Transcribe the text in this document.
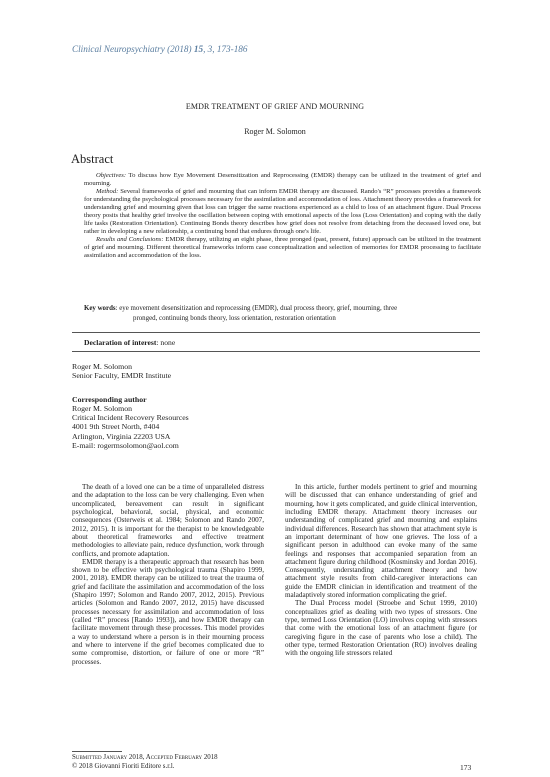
Clinical Neuropsychiatry (2018) 15, 3, 173-186
EMDR TREATMENT OF GRIEF AND MOURNING
Roger M. Solomon
Abstract

Objectives: To discuss how Eye Movement Desensitization and Reprocessing (EMDR) therapy can be utilized in the treatment of grief and mourning.

Method: Several frameworks of grief and mourning that can inform EMDR therapy are discussed. Rando's “R” processes provides a framework for understanding the psychological processes necessary for the assimilation and accommodation of loss. Attachment theory provides a framework for understanding grief and mourning given that loss can trigger the same reactions experienced as a child to loss of an attachment figure. Dual Process theory posits that healthy grief involve the oscillation between coping with emotional aspects of the loss (Loss Orientation) and coping with the daily life tasks (Restoration Orientation). Continuing Bonds theory describes how grief does not resolve from detaching from the deceased loved one, but rather in developing a new relationship, a continuing bond that endures through one's life.

Results and Conclusions: EMDR therapy, utilizing an eight phase, three pronged (past, present, future) approach can be utilized in the treatment of grief and mourning. Different theoretical frameworks inform case conceptualization and selection of memories for EMDR processing to facilitate assimilation and accommodation of the loss.

Key words: eye movement desensitization and reprocessing (EMDR), dual process theory, grief, mourning, three
pronged, continuing bonds theory, loss orientation, restoration orientation
Declaration of interest: none
Roger M. Solomon
Senior Faculty, EMDR Institute
Corresponding author
Roger M. Solomon
Critical Incident Recovery Resources
4001 9th Street North, #404
Arlington, Virginia 22203 USA
E-mail: rogermsolomon@aol.com

The death of a loved one can be a time of unparalleled distress and the adaptation to the loss can be very challenging. Even when uncomplicated, bereavement can result in significant psychological, behavioral, social, physical, and economic consequences (Osterweis et al. 1984; Solomon and Rando 2007, 2012, 2015). It is important for the therapist to be knowledgeable about theoretical frameworks and effective treatment methodologies to alleviate pain, reduce dysfunction, work through conflicts, and promote adaptation.

EMDR therapy is a therapeutic approach that research has been shown to be effective with psychological trauma (Shapiro 1999, 2001, 2018). EMDR therapy can be utilized to treat the trauma of grief and facilitate the assimilation and accommodation of the loss (Shapiro 1997; Solomon and Rando 2007, 2012, 2015). Previous articles (Solomon and Rando 2007, 2012, 2015) have discussed processes necessary for assimilation and accommodation of loss (called “R” process [Rando 1993]), and how EMDR therapy can facilitate movement through these processes. This model provides a way to understand where a person is in their mourning process and where to intervene if the grief becomes complicated due to some compromise, distortion, or failure of one or more “R” processes.

In this article, further models pertinent to grief and mourning will be discussed that can enhance understanding of grief and mourning, how it gets complicated, and guide clinical intervention, including EMDR therapy. Attachment theory increases our understanding of complicated grief and mourning and explains individual differences. Research has shown that attachment style is an important determinant of how one grieves. The loss of a significant person in adulthood can evoke many of the same feelings and responses that accompanied separation from an attachment figure during childhood (Kosminsky and Jordan 2016). Consequently, understanding attachment theory and how attachment style results from child-caregiver interactions can guide the EMDR clinician in identification and treatment of the maladaptively stored information complicating the grief.

The Dual Process model (Stroebe and Schut 1999, 2010) conceptualizes grief as dealing with two types of stressors. One type, termed Loss Orientation (LO) involves coping with stressors that come with the emotional loss of an attachment figure (or caregiving figure in the case of parents who lose a child). The other type, termed Restoration Orientation (RO) involves dealing with the ongoing life stressors related

Submitted January 2018, Accepted February 2018
© 2018 Giovanni Fioriti Editore s.r.l.	173
